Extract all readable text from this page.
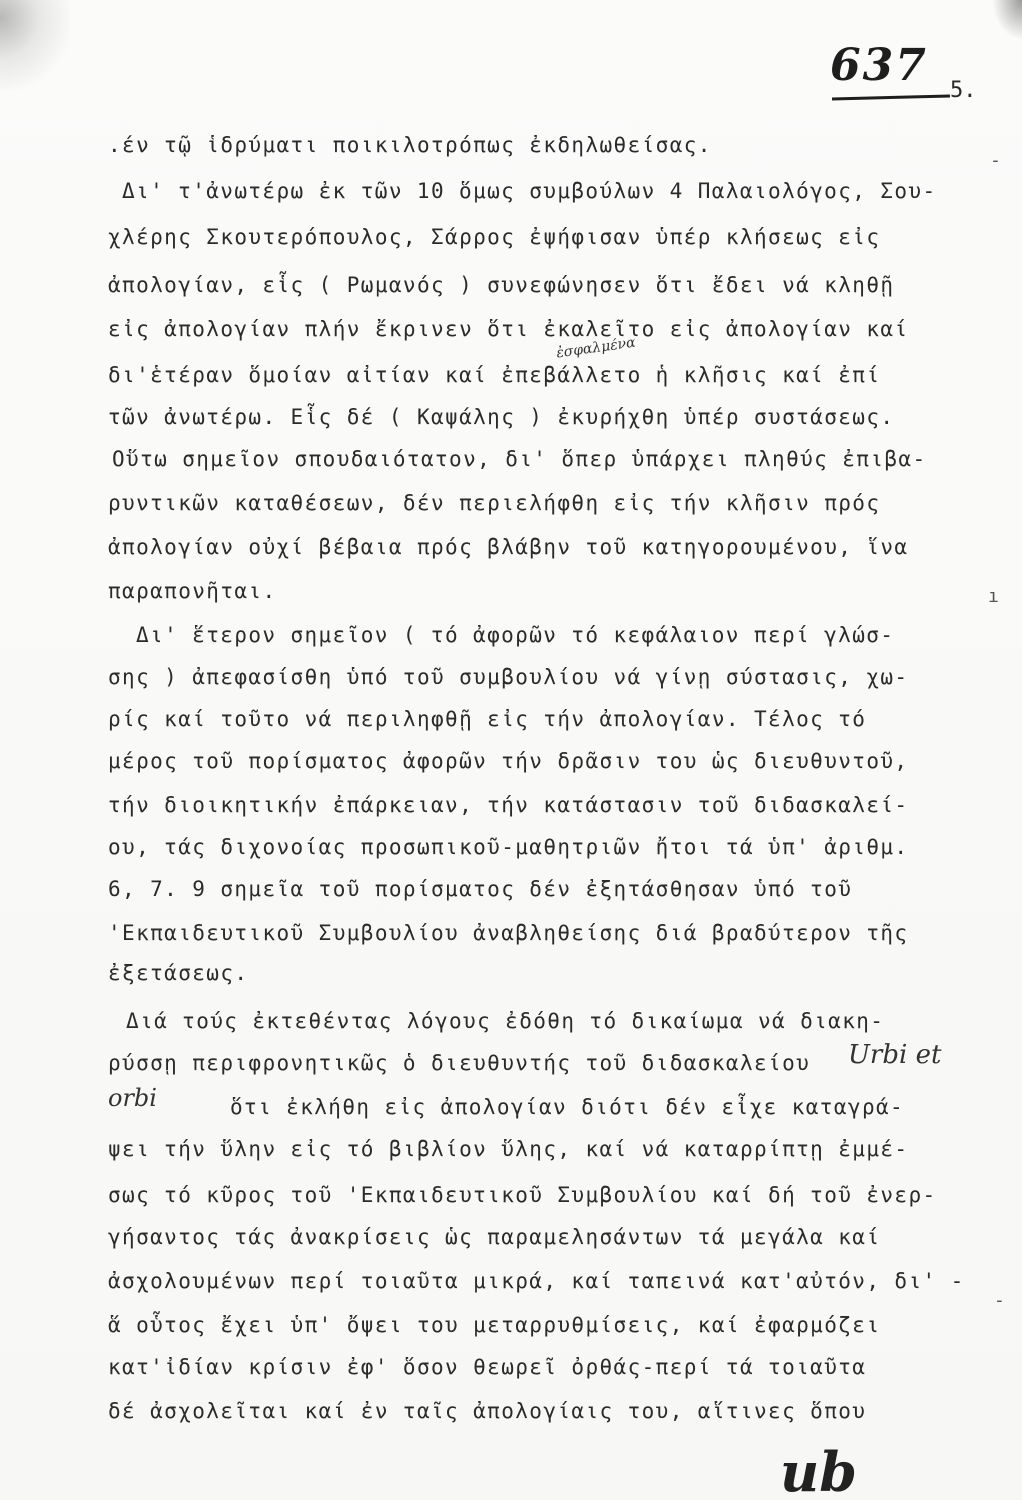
637 5.
.έν τῷ ἱδρύματι ποικιλοτρόπως ἐκδηλωθείσας.
Δι' τ'ἀνωτέρω ἐκ τῶν 10 ὅμως συμβούλων 4 Παλαιολόγος, Σου-
χλέρης Σκουτερόπουλος, Σάρρος ἐψήφισαν ὑπέρ κλήσεως εἰς
ἀπολογίαν, εἷς ( Ρωμανός ) συνεφώνησεν ὅτι ἔδει νά κληθῇ
εἰς ἀπολογίαν πλήν ἔκρινεν ὅτι ἐκαλεῖτο εἰς ἀπολογίαν καί
δι'ἑτέραν ὅμοίαν αἰτίαν καί ἐπεβάλλετο ἡ κλῆσις καί ἐπί
τῶν ἀνωτέρω. Εἷς δέ ( Καψάλης ) ἐκυρήχθη ὑπέρ συστάσεως.
Οὕτω σημεῖον σπουδαιότατον, δι' ὅπερ ὑπάρχει πληθύς ἐπιβα-
ρυντικῶν καταθέσεων, δέν περιελήφθη εἰς τήν κλῆσιν πρός
ἀπολογίαν οὐχί βέβαια πρός βλάβην τοῦ κατηγορουμένου, ἵνα
παραπονῆται.
Δι' ἕτερον σημεῖον ( τό ἀφορῶν τό κεφάλαιον περί γλώσ-
σης ) ἀπεφασίσθη ὑπό τοῦ συμβουλίου νά γίνῃ σύστασις, χω-
ρίς καί τοῦτο νά περιληφθῇ εἰς τήν ἀπολογίαν. Τέλος τό
μέρος τοῦ πορίσματος ἀφορῶν τήν δρᾶσιν του ὡς διευθυντοῦ,
τήν διοικητικήν ἐπάρκειαν, τήν κατάστασιν τοῦ διδασκαλεί-
ου, τάς διχονοίας προσωπικοῦ-μαθητριῶν ἤτοι τά ὑπ' ἀριθμ.
6, 7. 9 σημεῖα τοῦ πορίσματος δέν ἐξητάσθησαν ὑπό τοῦ
'Εκπαιδευτικοῦ Συμβουλίου ἀναβληθείσης διά βραδύτερον τῆς
ἐξετάσεως.
Διά τούς ἐκτεθέντας λόγους ἐδόθη τό δικαίωμα νά διακη-
ρύσσῃ περιφρονητικῶς ὁ διευθυντής τοῦ διδασκαλείου
ὅτι ἐκλήθη εἰς ἀπολογίαν διότι δέν εἶχε καταγρά-
ψει τήν ὕλην εἰς τό βιβλίον ὕλης, καί νά καταρρίπτῃ ἐμμέ-
σως τό κῦρος τοῦ 'Εκπαιδευτικοῦ Συμβουλίου καί δή τοῦ ἐνερ-
γήσαντος τάς ἀνακρίσεις ὡς παραμελησάντων τά μεγάλα καί
ἀσχολουμένων περί τοιαῦτα μικρά, καί ταπεινά κατ'αὐτόν, δι' -
ἅ οὗτος ἔχει ὑπ' ὄψει του μεταρρυθμίσεις, καί ἐφαρμόζει
κατ'ἰδίαν κρίσιν ἐφ' ὅσον θεωρεῖ ὀρθάς-περί τά τοιαῦτα
δέ ἀσχολεῖται καί ἐν ταῖς ἀπολογίαις του, αἵτινες ὅπου
ἐσφαλμένα
Urbi et
orbi
ı
-
-
ub
